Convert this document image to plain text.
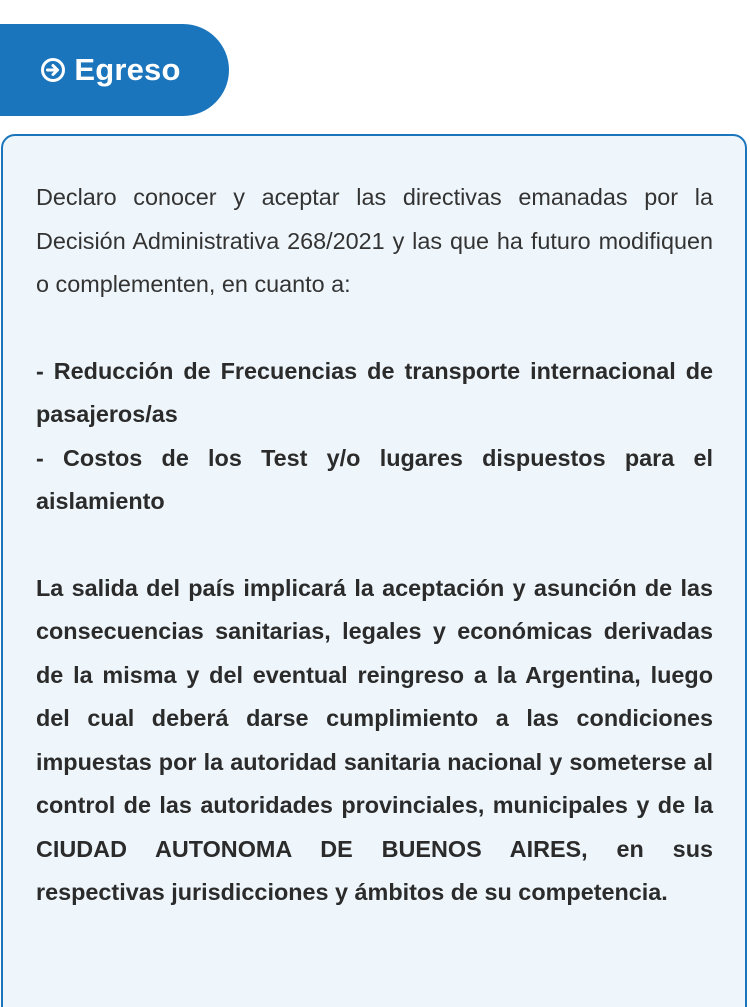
Egreso

Declaro conocer y aceptar las directivas emanadas por la Decisión Administrativa 268/2021 y las que ha futuro modifiquen o complementen, en cuanto a:

- Reducción de Frecuencias de transporte internacional de pasajeros/as
- Costos de los Test y/o lugares dispuestos para el aislamiento

La salida del país implicará la aceptación y asunción de las consecuencias sanitarias, legales y económicas derivadas de la misma y del eventual reingreso a la Argentina, luego del cual deberá darse cumplimiento a las condiciones impuestas por la autoridad sanitaria nacional y someterse al control de las autoridades provinciales, municipales y de la CIUDAD AUTONOMA DE BUENOS AIRES, en sus respectivas jurisdicciones y ámbitos de su competencia.
